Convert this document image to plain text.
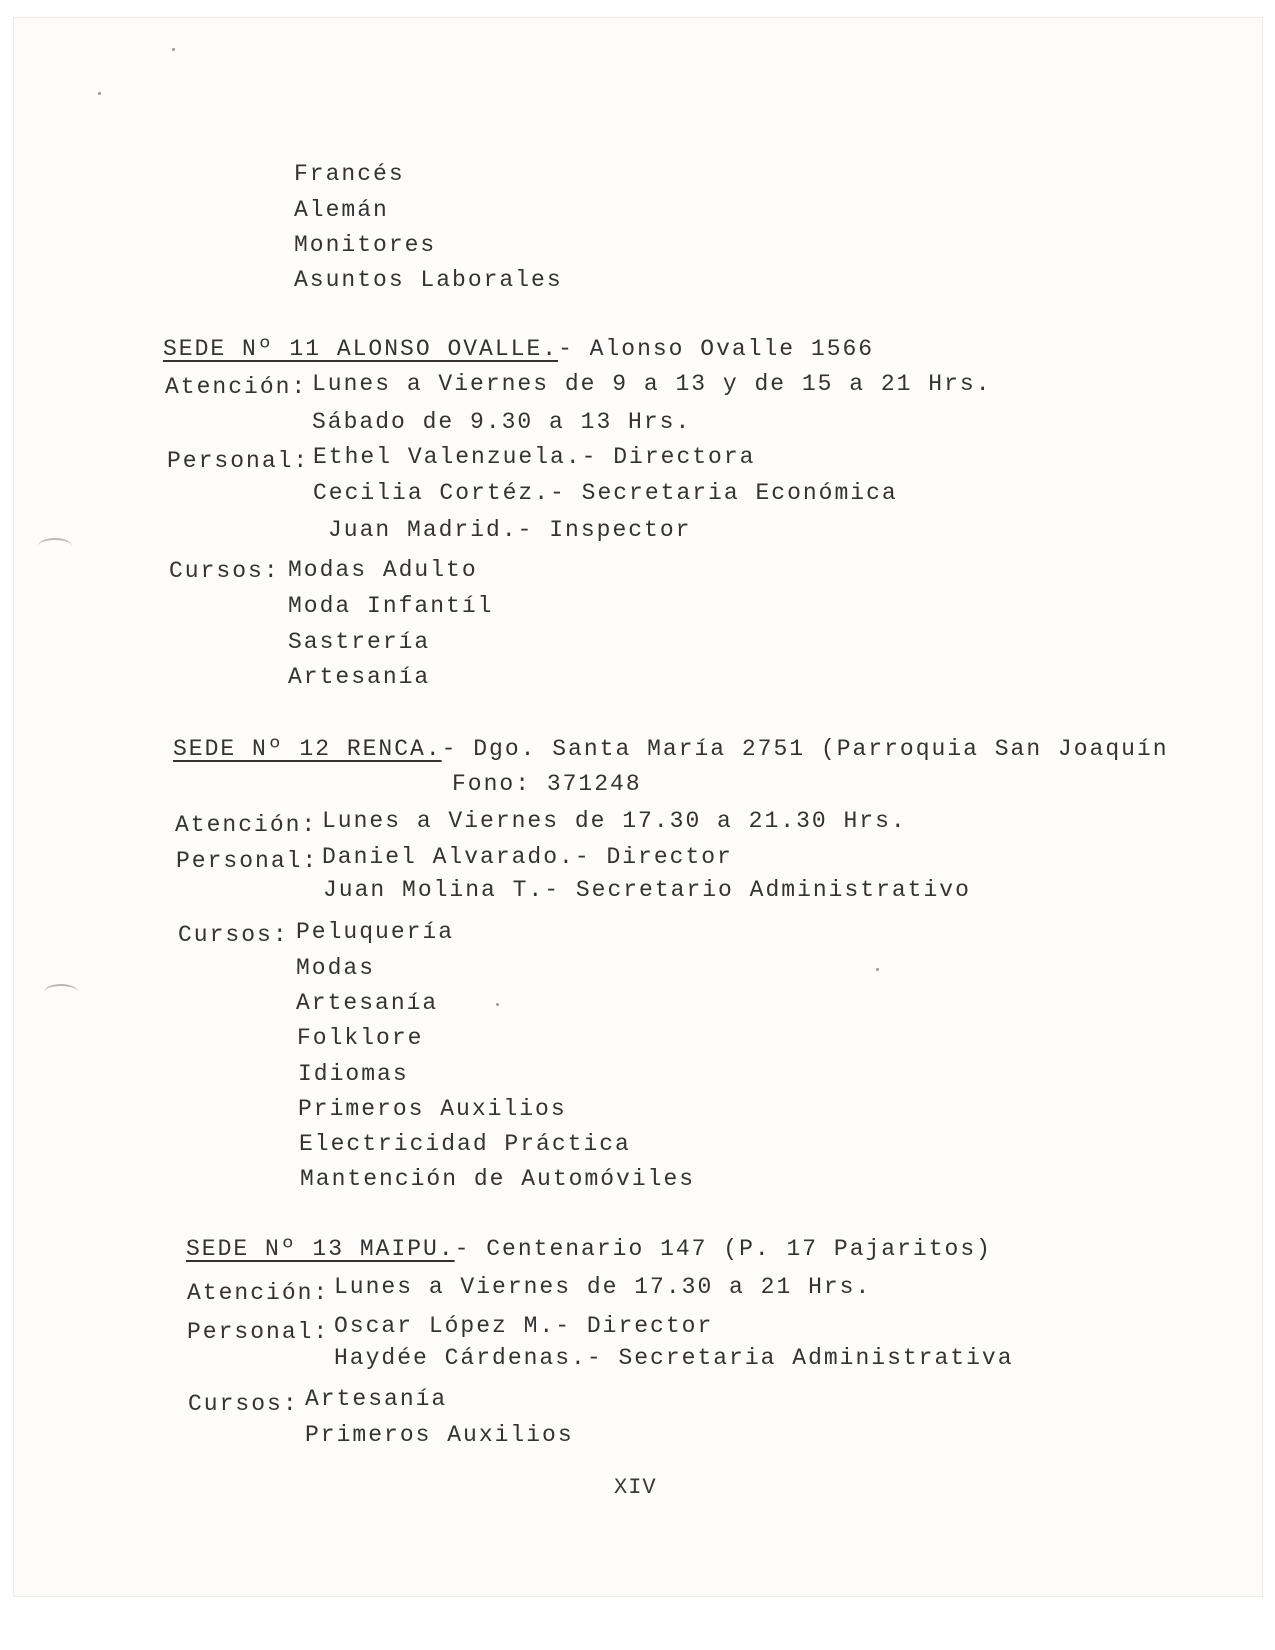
Francés
Alemán
Monitores
Asuntos Laborales
SEDE Nº 11 ALONSO OVALLE.- Alonso Ovalle 1566
Atención: Lunes a Viernes de 9 a 13 y de 15 a 21 Hrs.
Sábado de 9.30 a 13 Hrs.
Personal: Ethel Valenzuela.- Directora
Cecilia Cortéz.- Secretaria Económica
Juan Madrid.- Inspector
Cursos: Modas Adulto
Moda Infantíl
Sastrería
Artesanía
SEDE Nº 12 RENCA.- Dgo. Santa María 2751 (Parroquia San Joaquín
Fono: 371248
Atención: Lunes a Viernes de 17.30 a 21.30 Hrs.
Personal: Daniel Alvarado.- Director
Juan Molina T.- Secretario Administrativo
Cursos: Peluquería
Modas
Artesanía
Folklore
Idiomas
Primeros Auxilios
Electricidad Práctica
Mantención de Automóviles
SEDE Nº 13 MAIPU.- Centenario 147 (P. 17 Pajaritos)
Atención: Lunes a Viernes de 17.30 a 21 Hrs.
Personal: Oscar López M.- Director
Haydée Cárdenas.- Secretaria Administrativa
Cursos: Artesanía
Primeros Auxilios
XIV
